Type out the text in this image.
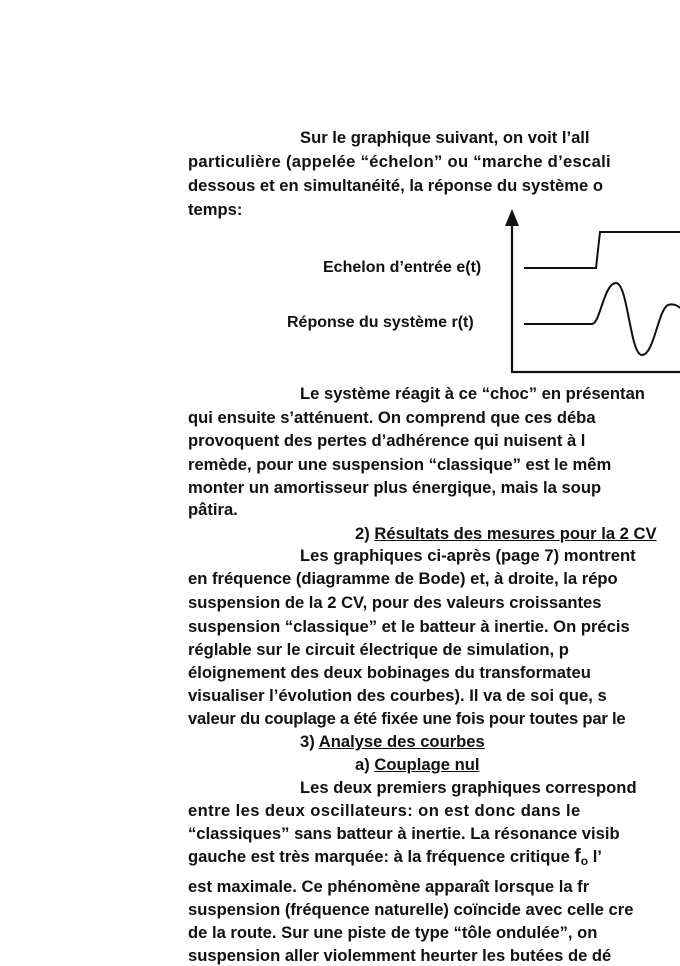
Sur le graphique suivant, on voit l’all
particulière (appelée “échelon” ou “marche d’escali
dessous et en simultanéité, la réponse du système o
temps:
Echelon d’entrée e(t)
Réponse du système r(t)
Le système réagit à ce “choc” en présentan
qui ensuite s’atténuent. On comprend que ces déba
provoquent des pertes d’adhérence qui nuisent à l
remède, pour une suspension “classique” est le mêm
monter un amortisseur plus énergique, mais la soup
pâtira.
2) Résultats des mesures pour la 2 CV
Les graphiques ci-après (page 7) montrent
en fréquence (diagramme de Bode) et, à droite, la répo
suspension de la 2 CV, pour des valeurs croissantes
suspension “classique” et le batteur à inertie. On précis
réglable sur le circuit électrique de simulation, p
éloignement des deux bobinages du transformateu
visualiser l’évolution des courbes). Il va de soi que, s
valeur du couplage a été fixée une fois pour toutes par le
3) Analyse des courbes
a) Couplage nul
Les deux premiers graphiques correspond
entre les deux oscillateurs: on est donc dans le
“classiques” sans batteur à inertie. La résonance visib
gauche est très marquée: à la fréquence critique $f_o$ l’
est maximale. Ce phénomène apparaît lorsque la fr
suspension (fréquence naturelle) coïncide avec celle cre
de la route. Sur une piste de type “tôle ondulée”, on
suspension aller violemment heurter les butées de dé
